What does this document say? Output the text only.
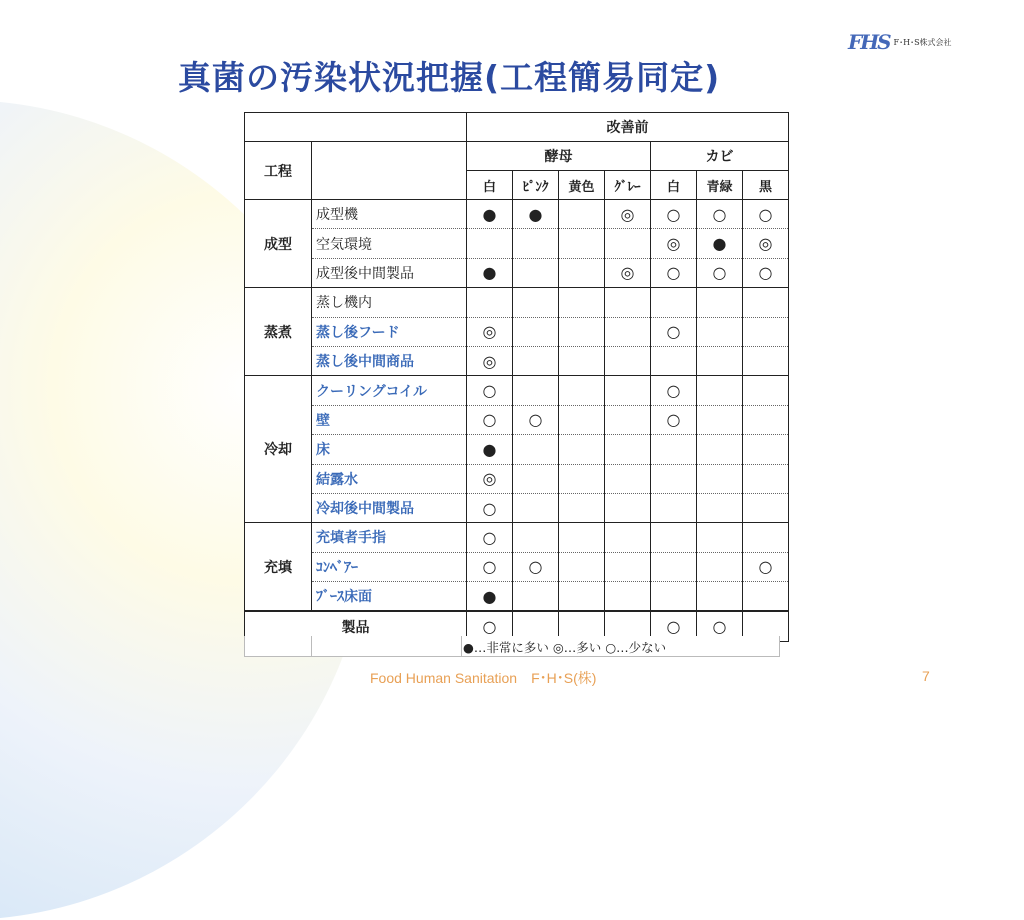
FHS F･H･S株式会社
真菌の汚染状況把握(工程簡易同定)
		改善前						
工程		酵母				カビ		
		白	ﾋﾟﾝｸ	黄色	ｸﾞﾚｰ	白	青緑	黒
成型	成型機	●	●		◎	○	○	○
	空気環境					◎	●	◎
	成型後中間製品	●			◎	○	○	○
蒸煮	蒸し機内							
	蒸し後フード	◎				○		
	蒸し後中間商品	◎						
冷却	クーリングコイル	○				○		
	壁	○	○			○		
	床	●						
	結露水	◎						
	冷却後中間製品	○						
充填	充填者手指	○						
	ｺﾝﾍﾞｱｰ	○	○					○
	ﾌﾞｰｽ床面	●						
製品		○				○	○	
●…非常に多い ◎…多い ○…少ない
Food Human Sanitation　F･H･S(株)	7
